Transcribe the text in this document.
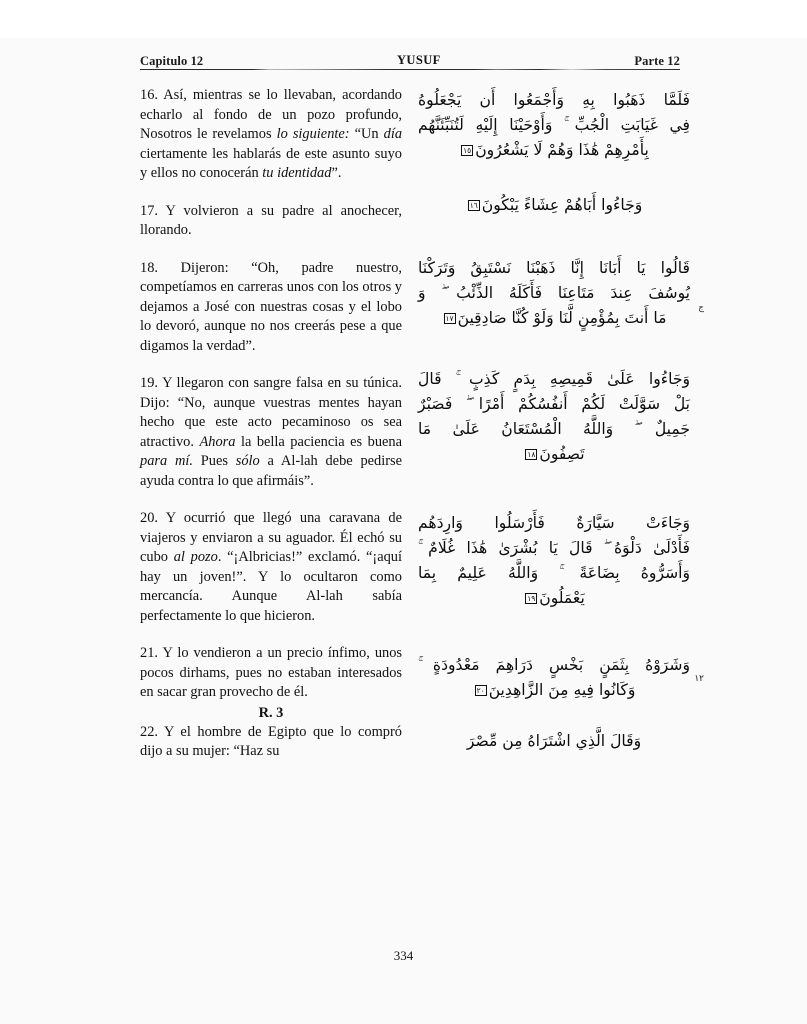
Capitulo 12	YUSUF	Parte 12

16. Así, mientras se lo llevaban, acordando echarlo al fondo de un pozo profundo, Nosotros le revelamos lo siguiente: “Un día ciertamente les hablarás de este asunto suyo y ellos no conocerán tu identidad”.

17. Y volvieron a su padre al anochecer, llorando.

18. Dijeron: “Oh, padre nuestro, competíamos en carreras unos con los otros y dejamos a José con nuestras cosas y el lobo lo devoró, aunque no nos creerás pese a que digamos la verdad”.

19. Y llegaron con sangre falsa en su túnica. Dijo: “No, aunque vuestras mentes hayan hecho que este acto pecaminoso os sea atractivo. Ahora la bella paciencia es buena para mí. Pues sólo a Al-lah debe pedirse ayuda contra lo que afirmáis”.

20. Y ocurrió que llegó una caravana de viajeros y enviaron a su aguador. Él echó su cubo al pozo. “¡Albricias!” exclamó. “¡aquí hay un joven!”. Y lo ocultaron como mercancía. Aunque Al-lah sabía perfectamente lo que hicieron.

21. Y lo vendieron a un precio ínfimo, unos pocos dirhams, pues no estaban interesados en sacar gran provecho de él.

R. 3

22. Y el hombre de Egipto que lo compró dijo a su mujer: “Haz su

فَلَمَّا ذَهَبُوا بِهِ وَأَجْمَعُوا أَن يَجْعَلُوهُ
فِي غَيَابَتِ الْجُبِّ ۚ وَأَوْحَيْنَا إِلَيْهِ لَتُنَبِّئَنَّهُم
بِأَمْرِهِمْ هَٰذَا وَهُمْ لَا يَشْعُرُونَ١٥
وَجَاءُوا أَبَاهُمْ عِشَاءً يَبْكُونَ١٦
قَالُوا يَا أَبَانَا إِنَّا ذَهَبْنَا نَسْتَبِقُ وَتَرَكْنَا
يُوسُفَ عِندَ مَتَاعِنَا فَأَكَلَهُ الذِّئْبُ ۖ وَ
مَا أَنتَ بِمُؤْمِنٍ لَّنَا وَلَوْ كُنَّا صَادِقِينَ١٧
ج
وَجَاءُوا عَلَىٰ قَمِيصِهِ بِدَمٍ كَذِبٍ ۚ قَالَ
بَلْ سَوَّلَتْ لَكُمْ أَنفُسُكُمْ أَمْرًا ۖ فَصَبْرٌ
جَمِيلٌ ۖ وَاللَّهُ الْمُسْتَعَانُ عَلَىٰ مَا
تَصِفُونَ١٨
وَجَاءَتْ سَيَّارَةٌ فَأَرْسَلُوا وَارِدَهُم
فَأَدْلَىٰ دَلْوَهُ ۖ قَالَ يَا بُشْرَىٰ هَٰذَا غُلَامٌ ۚ
وَأَسَرُّوهُ بِضَاعَةً ۚ وَاللَّهُ عَلِيمٌ بِمَا
يَعْمَلُونَ١٩
وَشَرَوْهُ بِثَمَنٍ بَخْسٍ دَرَاهِمَ مَعْدُودَةٍ ۚ
وَكَانُوا فِيهِ مِنَ الزَّاهِدِينَ٢٠
١٢
وَقَالَ الَّذِي اشْتَرَاهُ مِن مِّصْرَ
334
